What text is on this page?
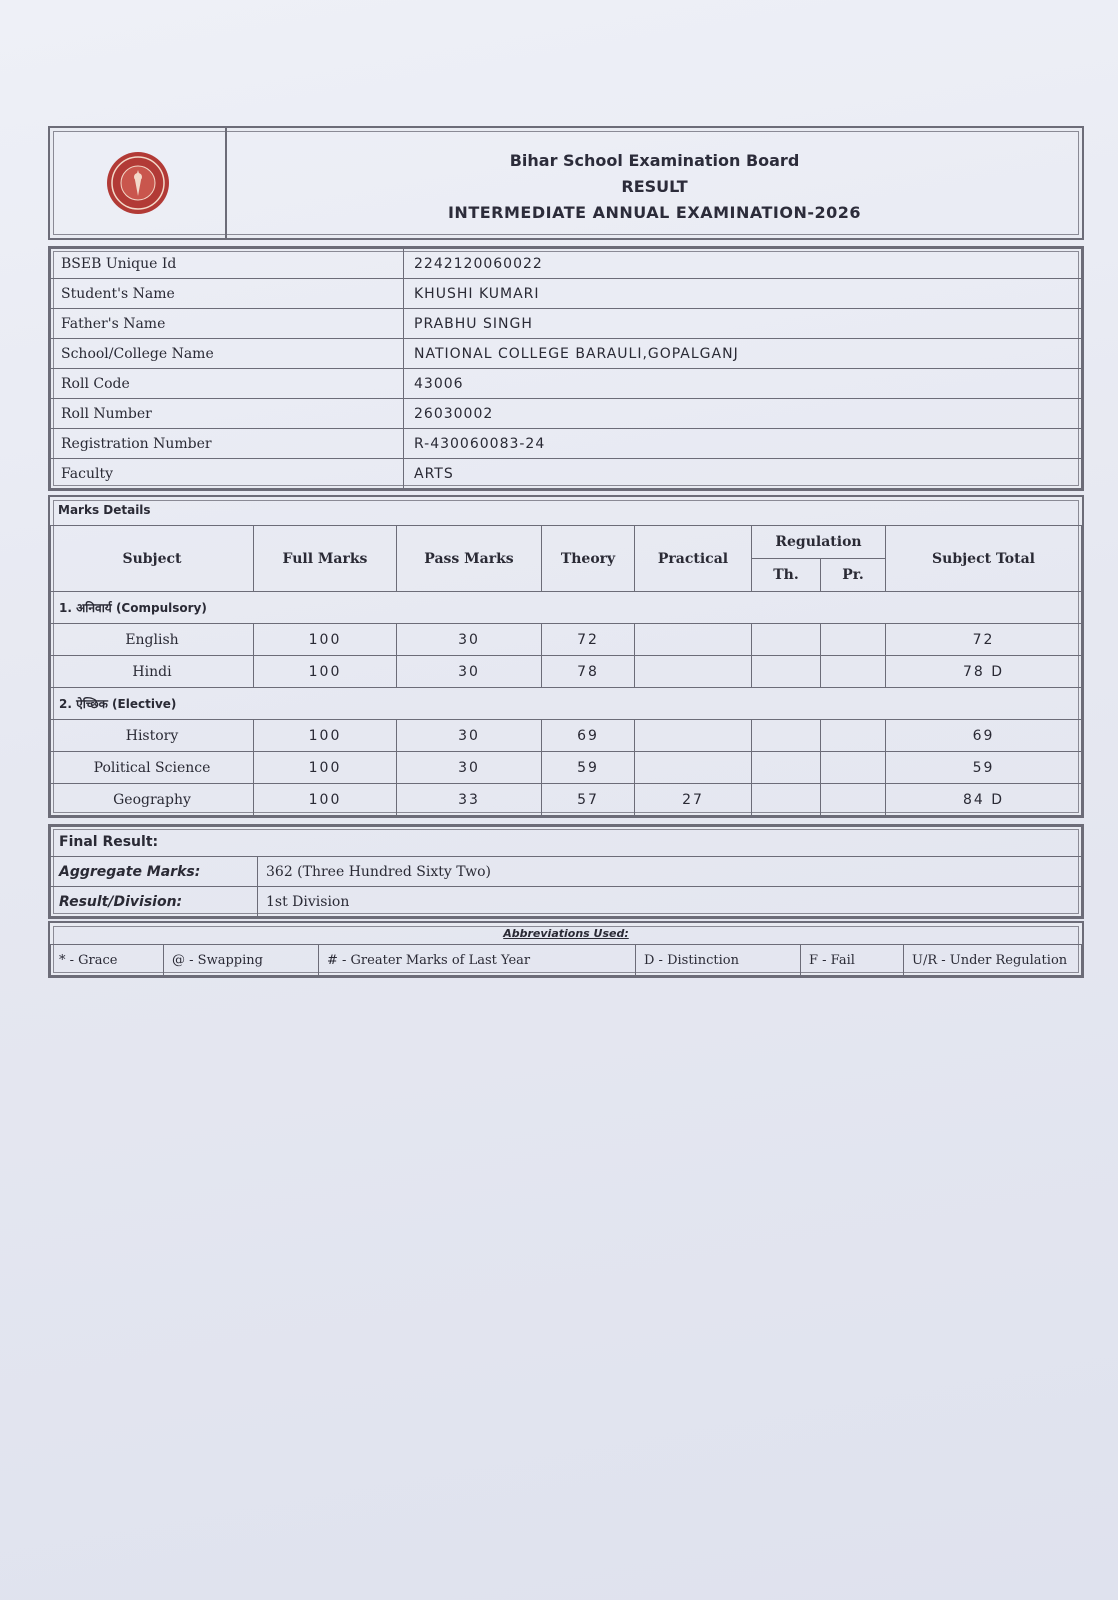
Bihar School Examination Board
RESULT
INTERMEDIATE ANNUAL EXAMINATION-2026
BSEB Unique Id	2242120060022
Student's Name	KHUSHI KUMARI
Father's Name	PRABHU SINGH
School/College Name	NATIONAL COLLEGE BARAULI,GOPALGANJ
Roll Code	43006
Roll Number	26030002
Registration Number	R-430060083-24
Faculty	ARTS
Marks Details
Subject	Full Marks	Pass Marks	Theory	Practical	Regulation		Subject Total
					Th.	Pr.	
1. अनिवार्य (Compulsory)							
English	100	30	72				72
Hindi	100	30	78				78 D
2. ऐच्छिक (Elective)							
History	100	30	69				69
Political Science	100	30	59				59
Geography	100	33	57	27			84 D
Final Result:	
Aggregate Marks:	362 (Three Hundred Sixty Two)
Result/Division:	1st Division
Abbreviations Used:
* - Grace	@ - Swapping	# - Greater Marks of Last Year	D - Distinction	F - Fail	U/R - Under Regulation
